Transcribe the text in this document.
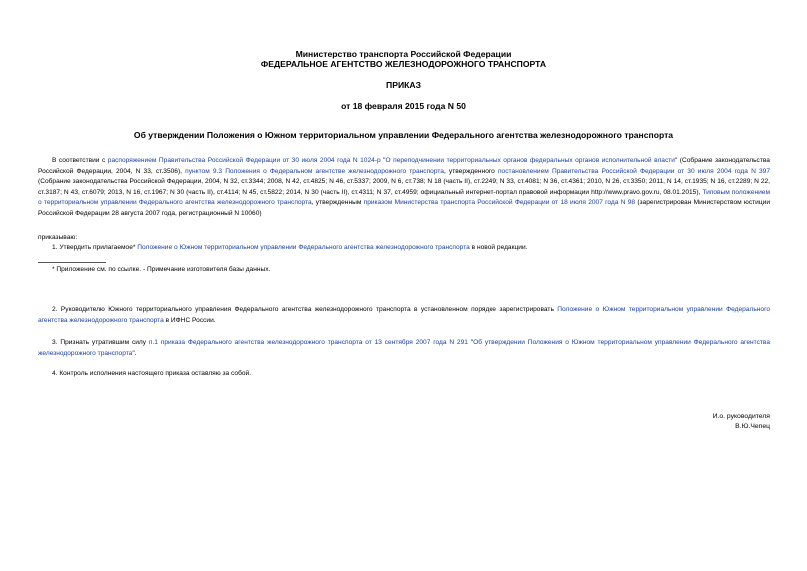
Министерство транспорта Российской Федерации
ФЕДЕРАЛЬНОЕ АГЕНТСТВО ЖЕЛЕЗНОДОРОЖНОГО ТРАНСПОРТА
ПРИКАЗ
от 18 февраля 2015 года N 50
Об утверждении Положения о Южном территориальном управлении Федерального агентства железнодорожного транспорта
В соответствии с распоряжением Правительства Российской Федерации от 30 июля 2004 года N 1024-р "О переподчинении территориальных органов федеральных органов исполнительной власти" (Собрание законодательства Российской Федерации, 2004, N 33, ст.3506), пунктом 9.3 Положения о Федеральном агентстве железнодорожного транспорта, утвержденного постановлением Правительства Российской Федерации от 30 июля 2004 года N 397 (Собрание законодательства Российской Федерации, 2004, N 32, ст.3344; 2008, N 42, ст.4825; N 46, ст.5337; 2009, N 6, ст.738; N 18 (часть II), ст.2249; N 33, ст.4081; N 36, ст.4361; 2010, N 26, ст.3350; 2011, N 14, ст.1935; N 16, ст.2289; N 22, ст.3187; N 43, ст.6079; 2013, N 16, ст.1967; N 30 (часть II), ст.4114; N 45, ст.5822; 2014, N 30 (часть II), ст.4311; N 37, ст.4959; официальный интернет-портал правовой информации http://www.pravo.gov.ru, 08.01.2015), Типовым положением о территориальном управлении Федерального агентства железнодорожного транспорта, утвержденным приказом Министерства транспорта Российской Федерации от 18 июля 2007 года N 98 (зарегистрирован Министерством юстиции Российской Федерации 28 августа 2007 года, регистрационный N 10060)
приказываю:
1. Утвердить прилагаемое* Положение о Южном территориальном управлении Федерального агентства железнодорожного транспорта в новой редакции.
* Приложение см. по ссылке. - Примечание изготовителя базы данных.
2. Руководителю Южного территориального управления Федерального агентства железнодорожного транспорта в установленном порядке зарегистрировать Положение о Южном территориальном управлении Федерального агентства железнодорожного транспорта в ИФНС России.
3. Признать утратившим силу п.1 приказа Федерального агентства железнодорожного транспорта от 13 сентября 2007 года N 291 "Об утверждении Положения о Южном территориальном управлении Федерального агентства железнодорожного транспорта".
4. Контроль исполнения настоящего приказа оставляю за собой.
И.о. руководителя
В.Ю.Чепец
